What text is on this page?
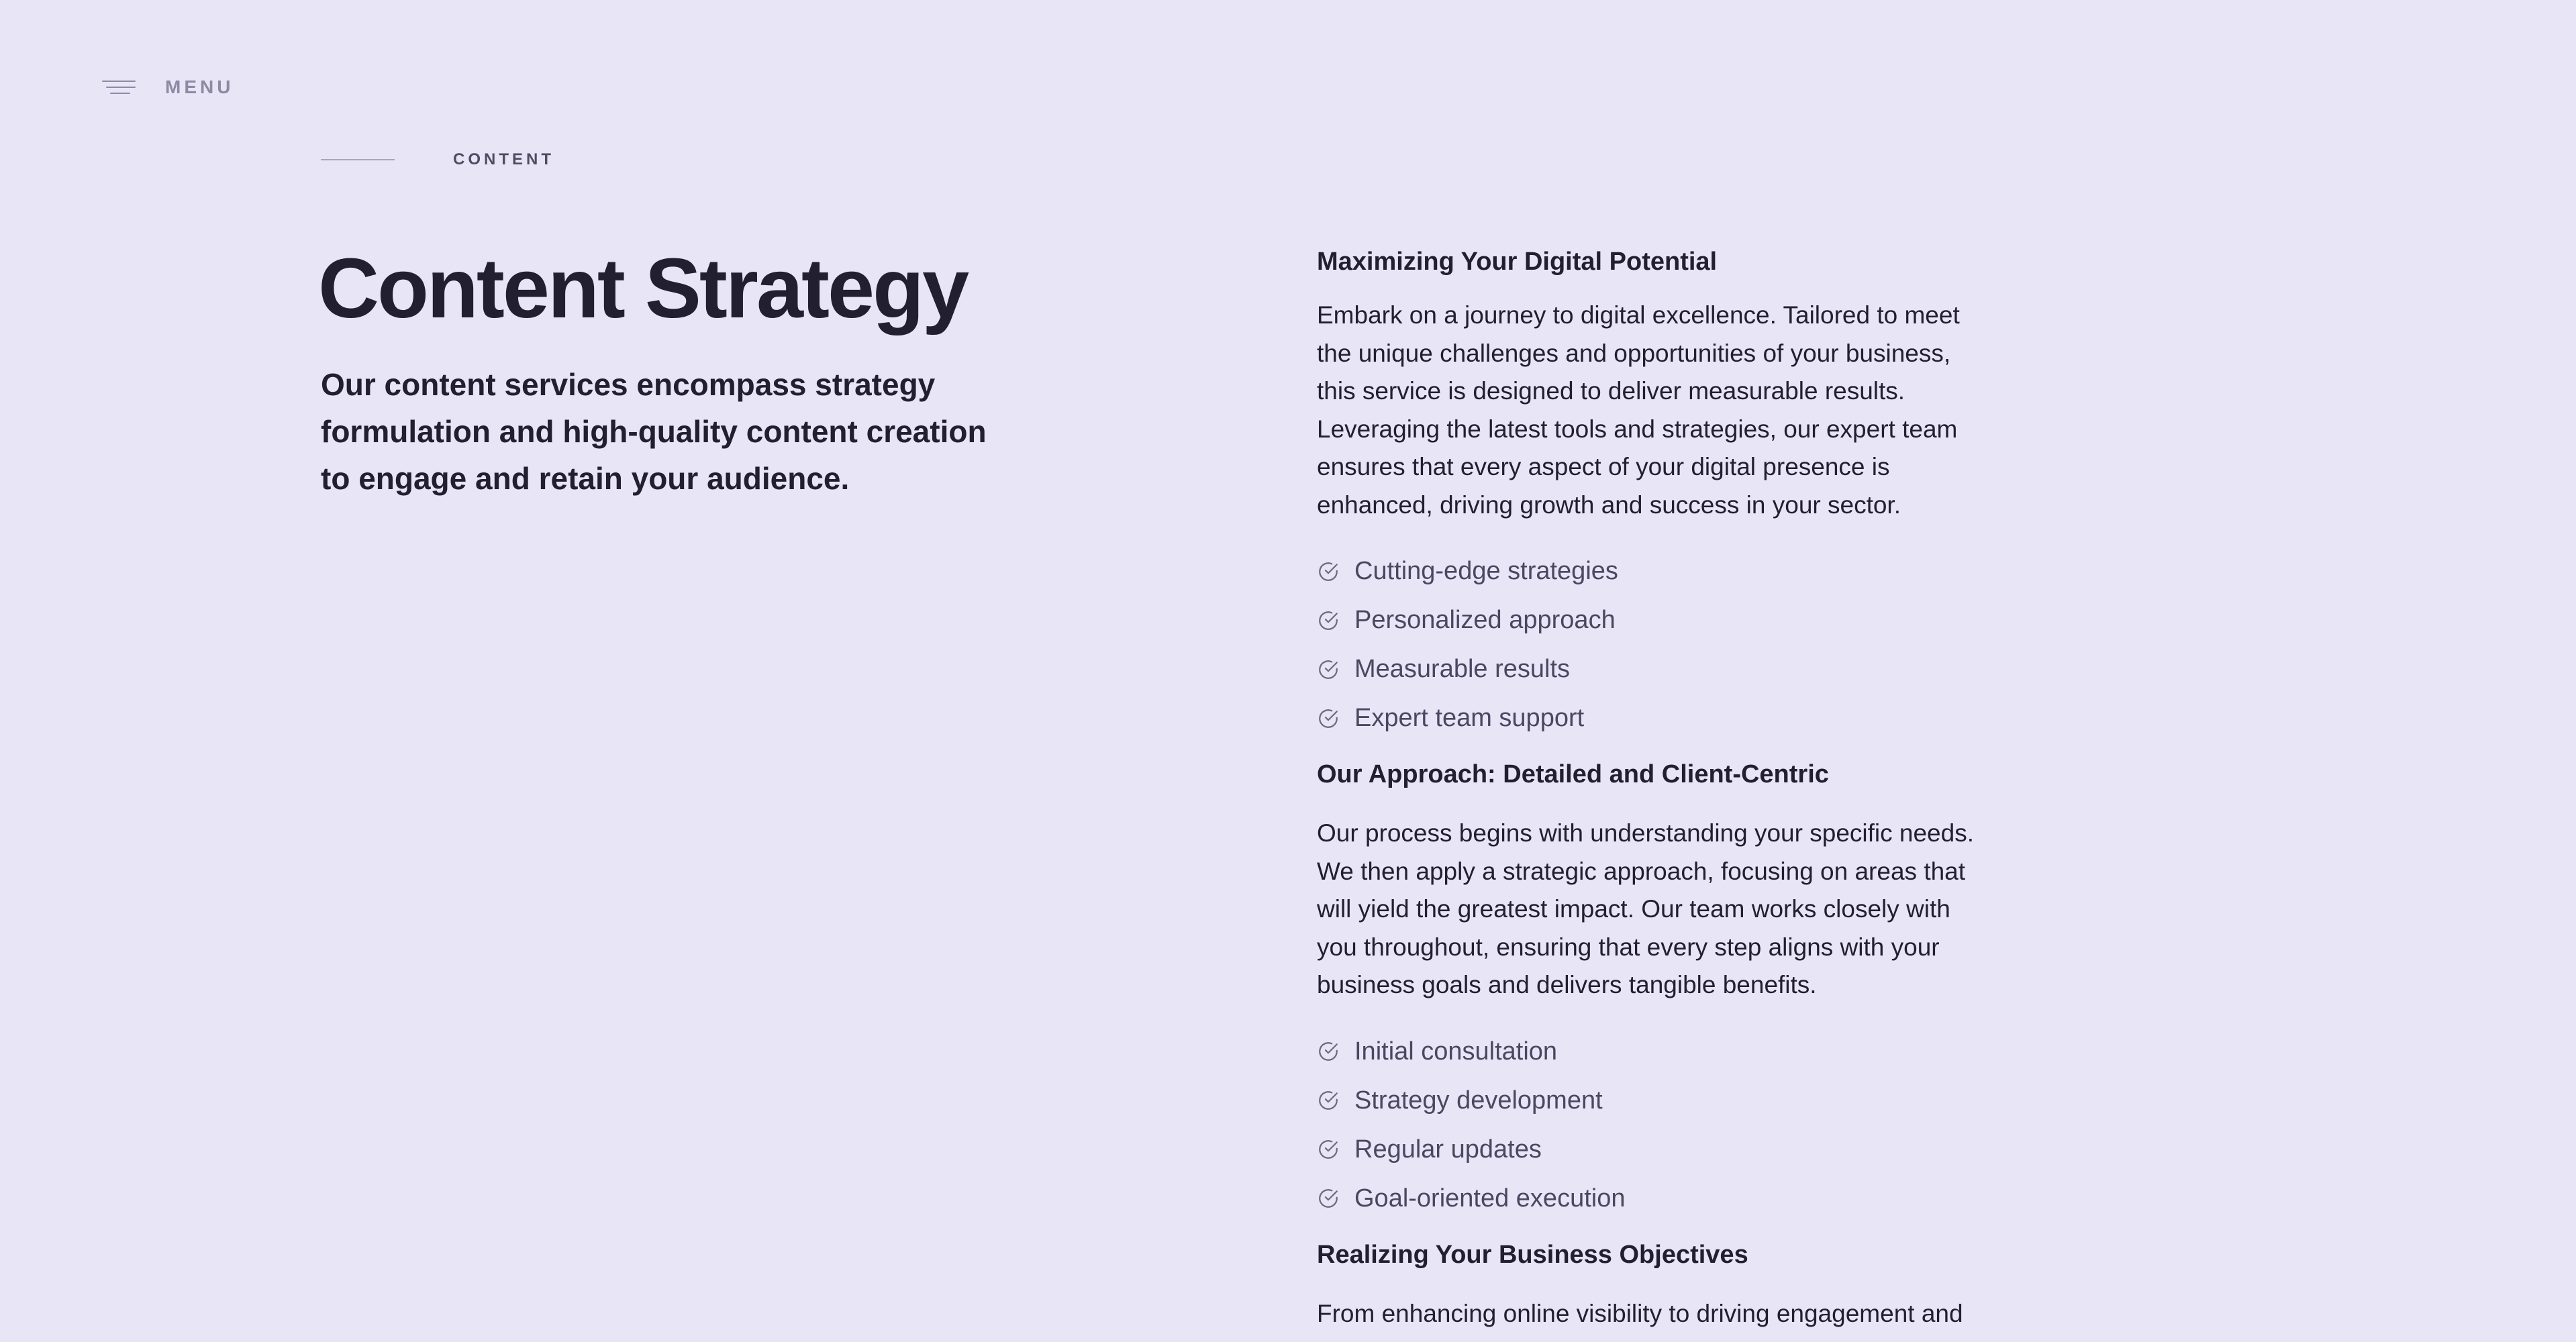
MENU
CONTENT
Content Strategy

Our content services encompass strategy formulation and high-quality content creation to engage and retain your audience.

Maximizing Your Digital Potential

Embark on a journey to digital excellence. Tailored to meet the unique challenges and opportunities of your business, this service is designed to deliver measurable results. Leveraging the latest tools and strategies, our expert team ensures that every aspect of your digital presence is enhanced, driving growth and success in your sector.

Cutting-edge strategies
Personalized approach
Measurable results
Expert team support
Our Approach: Detailed and Client-Centric

Our process begins with understanding your specific needs. We then apply a strategic approach, focusing on areas that will yield the greatest impact. Our team works closely with you throughout, ensuring that every step aligns with your business goals and delivers tangible benefits.

Initial consultation
Strategy development
Regular updates
Goal-oriented execution
Realizing Your Business Objectives

From enhancing online visibility to driving engagement and
